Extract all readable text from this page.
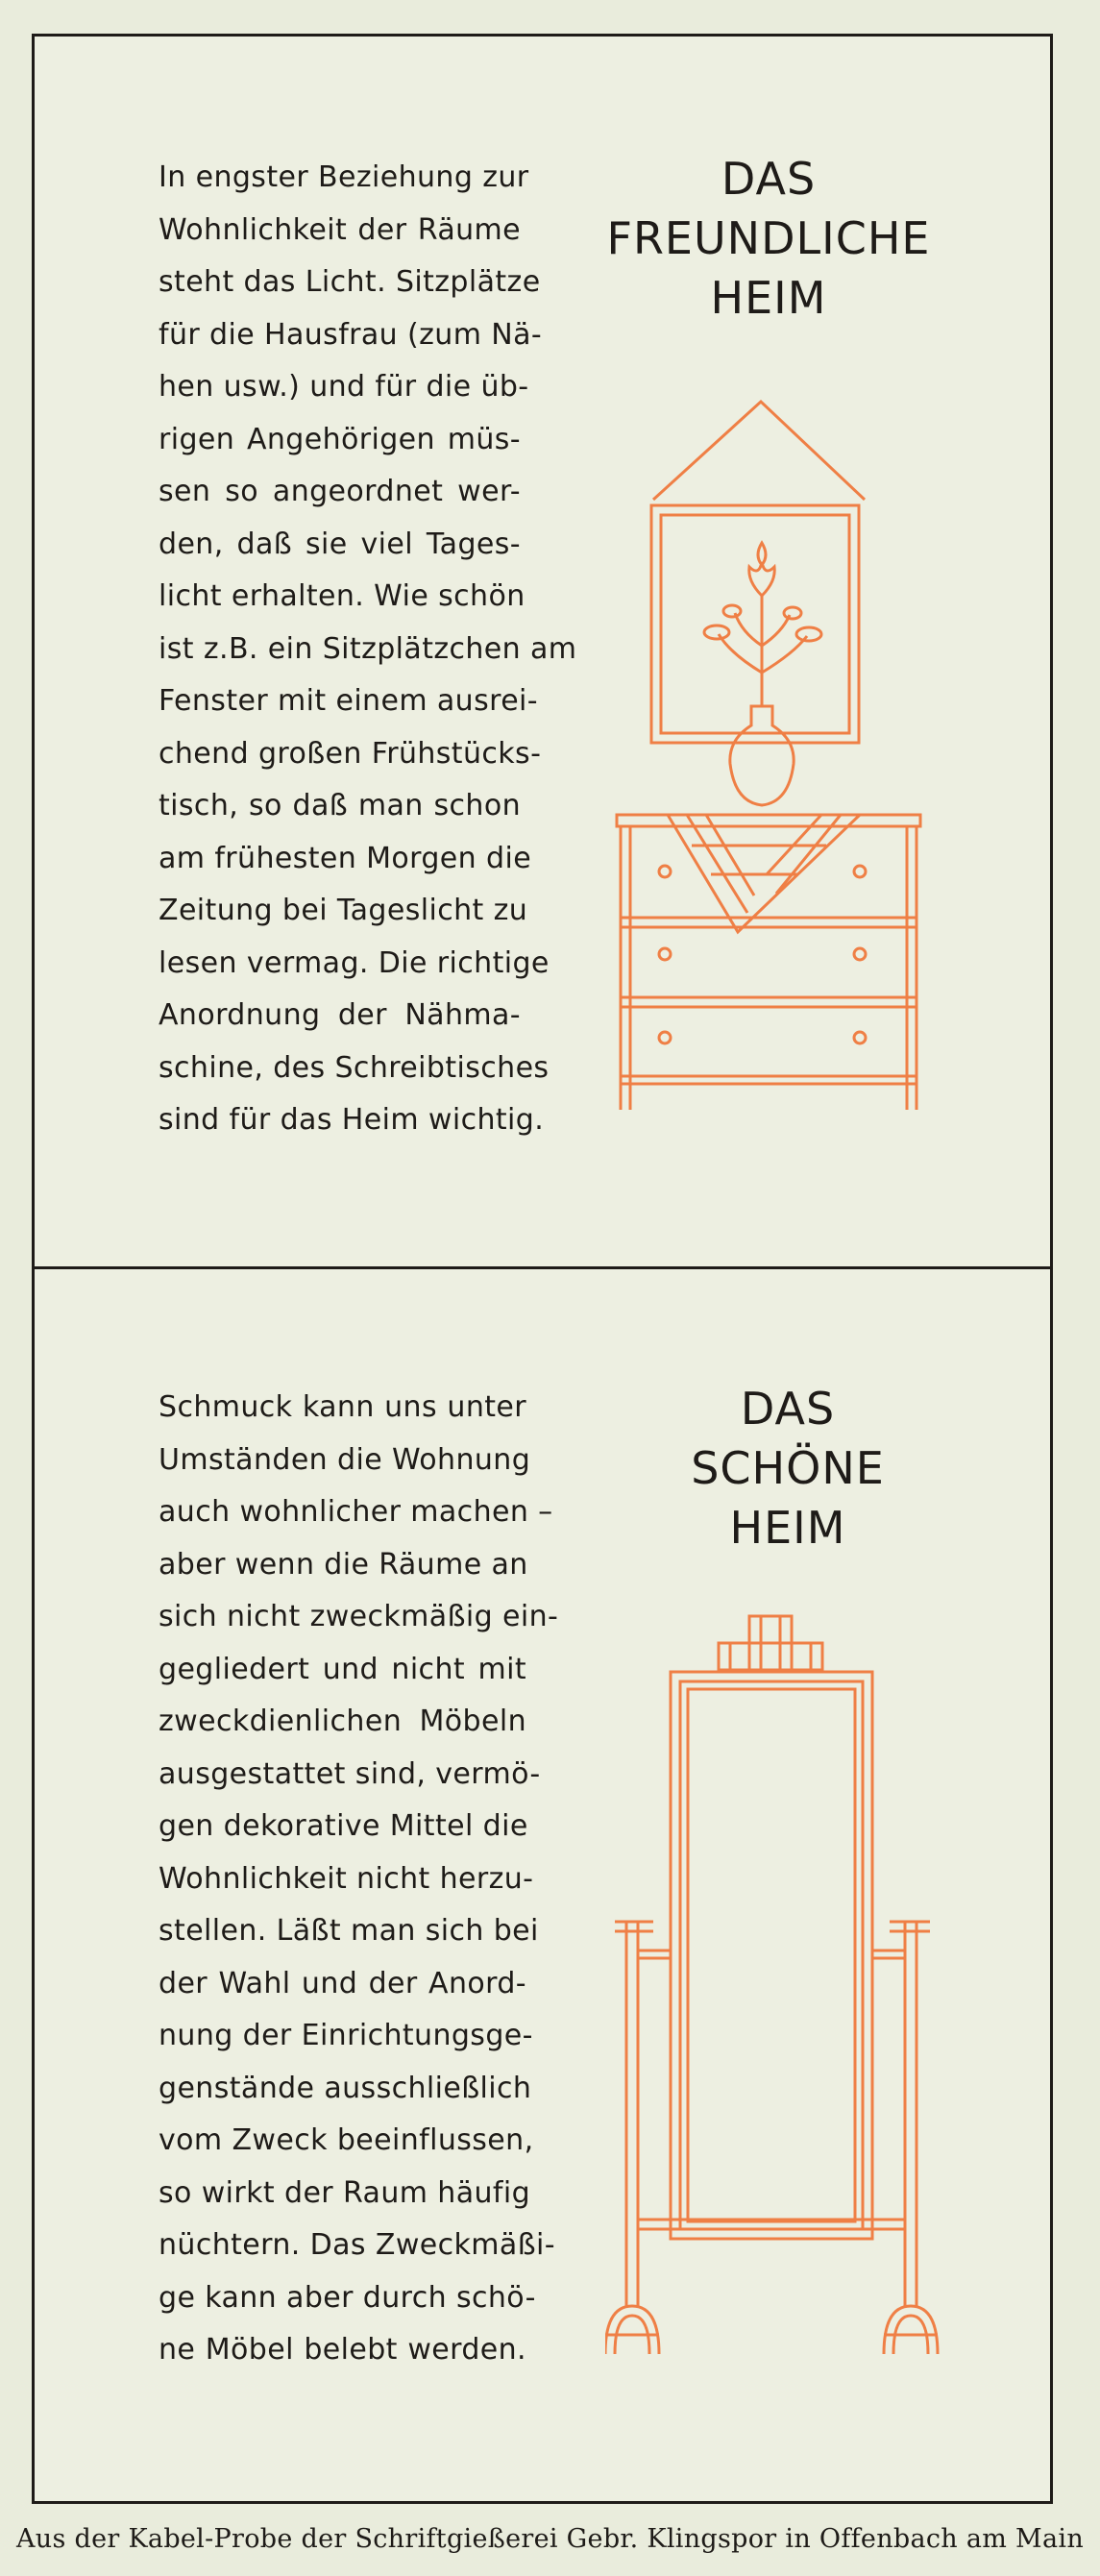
In engster Beziehung zur
Wohnlichkeit der Räume
steht das Licht. Sitzplätze
für die Hausfrau (zum Nä-
hen usw.) und für die üb-
rigen Angehörigen müs-
sen so angeordnet wer-
den, daß sie viel Tages-
licht erhalten. Wie schön
ist z.B. ein Sitzplätzchen am
Fenster mit einem ausrei-
chend großen Frühstücks-
tisch, so daß man schon
am frühesten Morgen die
Zeitung bei Tageslicht zu
lesen vermag. Die richtige
Anordnung der Nähma-
schine, des Schreibtisches
sind für das Heim wichtig.
DAS
FREUNDLICHE
HEIM
Schmuck kann uns unter
Umständen die Wohnung
auch wohnlicher machen –
aber wenn die Räume an
sich nicht zweckmäßig ein-
gegliedert und nicht mit
zweckdienlichen Möbeln
ausgestattet sind, vermö-
gen dekorative Mittel die
Wohnlichkeit nicht herzu-
stellen. Läßt man sich bei
der Wahl und der Anord-
nung der Einrichtungsge-
genstände ausschließlich
vom Zweck beeinflussen,
so wirkt der Raum häufig
nüchtern. Das Zweckmäßi-
ge kann aber durch schö-
ne Möbel belebt werden.
DAS
SCHÖNE
HEIM

Aus der Kabel-Probe der Schriftgießerei Gebr. Klingspor in Offenbach am Main
